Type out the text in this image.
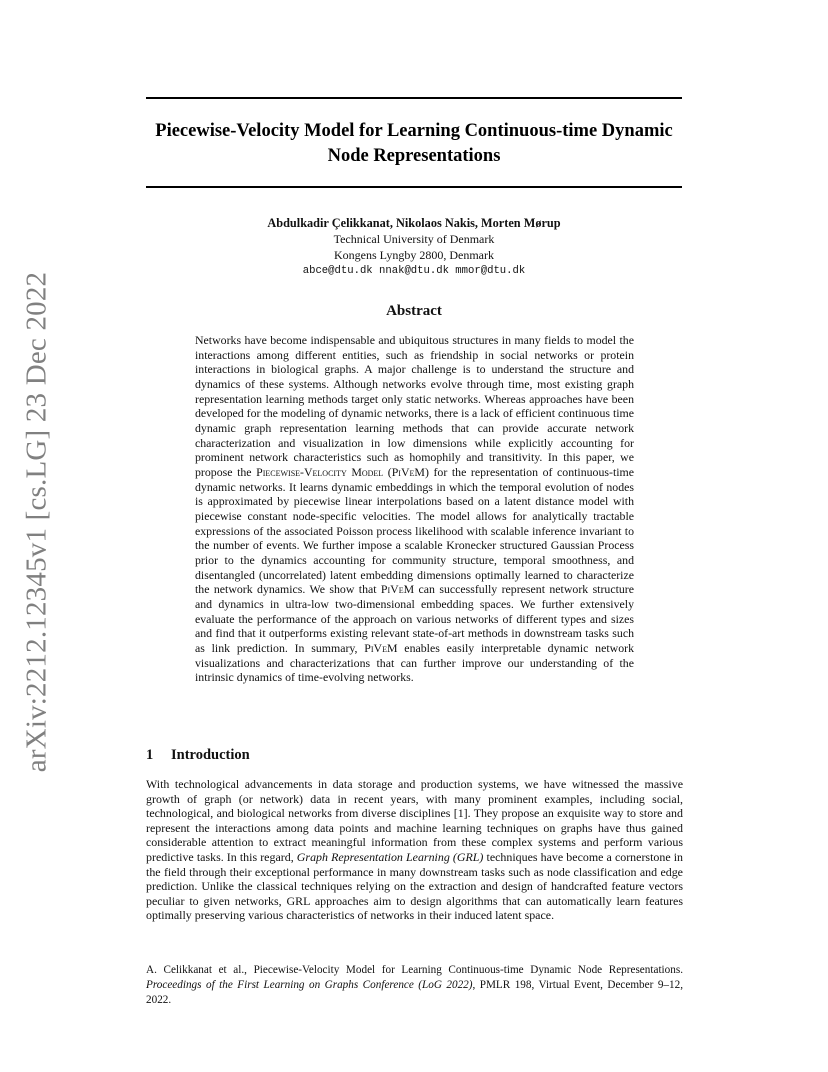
arXiv:2212.12345v1 [cs.LG] 23 Dec 2022
Piecewise-Velocity Model for Learning Continuous-time Dynamic Node Representations
Abdulkadir Çelikkanat, Nikolaos Nakis, Morten Mørup
Technical University of Denmark
Kongens Lyngby 2800, Denmark
abce@dtu.dk nnak@dtu.dk mmor@dtu.dk
Abstract
Networks have become indispensable and ubiquitous structures in many fields to model the interactions among different entities, such as friendship in social networks or protein interactions in biological graphs. A major challenge is to understand the structure and dynamics of these systems. Although networks evolve through time, most existing graph representation learning methods target only static networks. Whereas approaches have been developed for the modeling of dynamic networks, there is a lack of efficient continuous time dynamic graph representation learning methods that can provide accurate network characterization and visualization in low dimensions while explicitly accounting for prominent network characteristics such as homophily and transitivity. In this paper, we propose the Piecewise-Velocity Model (PiVeM) for the representation of continuous-time dynamic networks. It learns dynamic embeddings in which the temporal evolution of nodes is approximated by piecewise linear interpolations based on a latent distance model with piecewise constant node-specific velocities. The model allows for analytically tractable expressions of the associated Poisson process likelihood with scalable inference invariant to the number of events. We further impose a scalable Kronecker structured Gaussian Process prior to the dynamics accounting for community structure, temporal smoothness, and disentangled (uncorrelated) latent embedding dimensions optimally learned to characterize the network dynamics. We show that PiVeM can successfully represent network structure and dynamics in ultra-low two-dimensional embedding spaces. We further extensively evaluate the performance of the approach on various networks of different types and sizes and find that it outperforms existing relevant state-of-art methods in downstream tasks such as link prediction. In summary, PiVeM enables easily interpretable dynamic network visualizations and characterizations that can further improve our understanding of the intrinsic dynamics of time-evolving networks.
1 Introduction
With technological advancements in data storage and production systems, we have witnessed the massive growth of graph (or network) data in recent years, with many prominent examples, including social, technological, and biological networks from diverse disciplines [1]. They propose an exquisite way to store and represent the interactions among data points and machine learning techniques on graphs have thus gained considerable attention to extract meaningful information from these complex systems and perform various predictive tasks. In this regard, Graph Representation Learning (GRL) techniques have become a cornerstone in the field through their exceptional performance in many downstream tasks such as node classification and edge prediction. Unlike the classical techniques relying on the extraction and design of handcrafted feature vectors peculiar to given networks, GRL approaches aim to design algorithms that can automatically learn features optimally preserving various characteristics of networks in their induced latent space.
A. Celikkanat et al., Piecewise-Velocity Model for Learning Continuous-time Dynamic Node Representations. Proceedings of the First Learning on Graphs Conference (LoG 2022), PMLR 198, Virtual Event, December 9–12, 2022.
